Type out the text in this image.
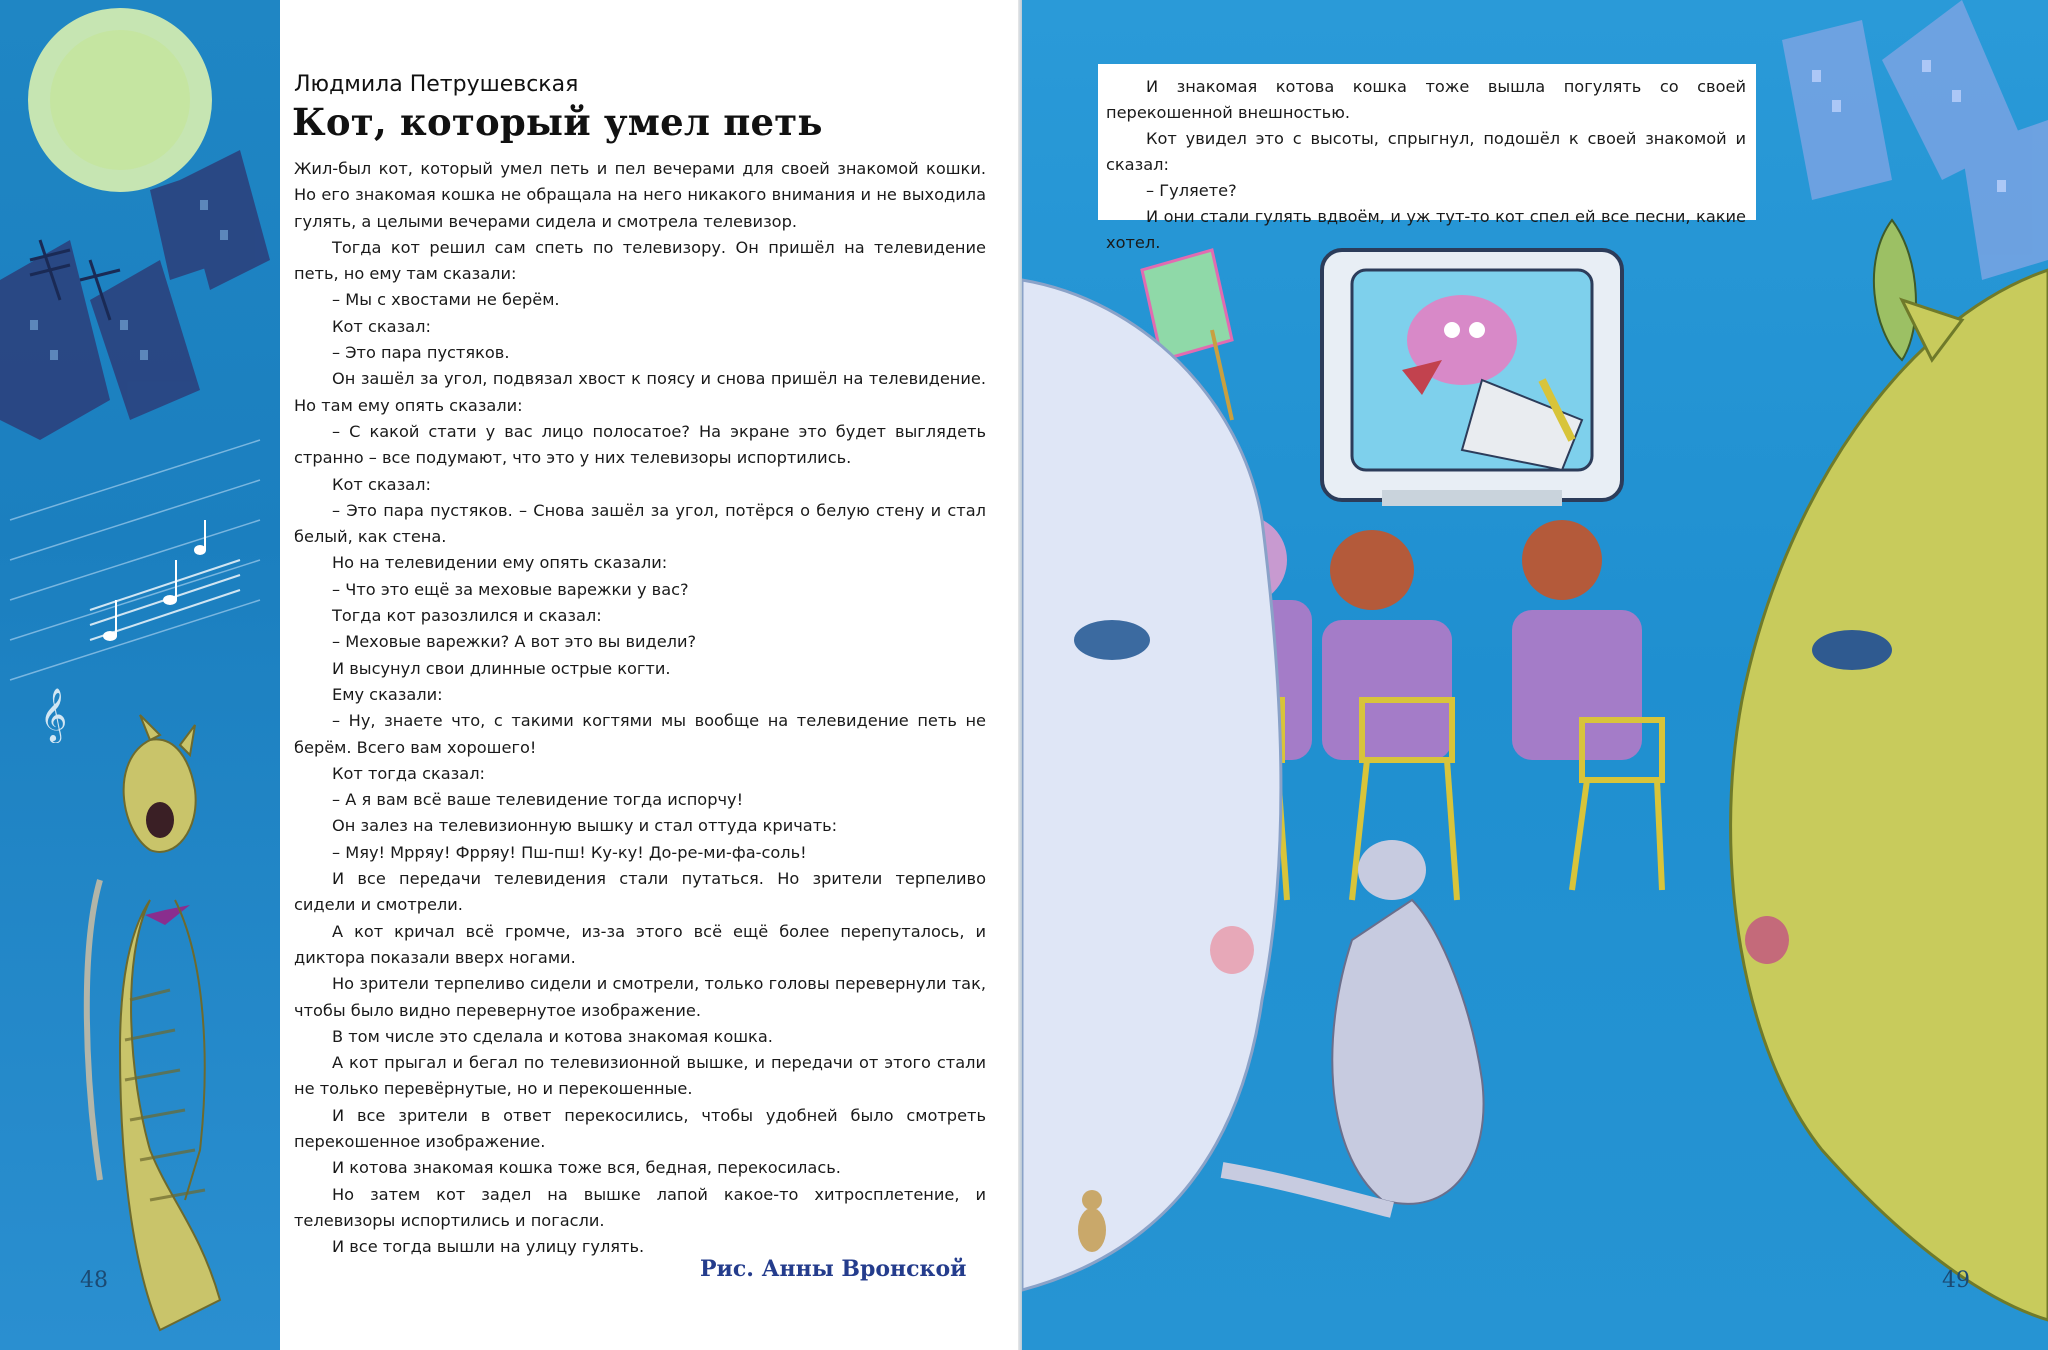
𝄞
48
Людмила Петрушевская
Кот, который умел петь

Жил-был кот, который умел петь и пел вечерами для своей знакомой кошки. Но его знакомая кошка не обращала на него никакого внимания и не выходила гулять, а целыми вечерами сидела и смотрела телевизор.

Тогда кот решил сам спеть по телевизору. Он пришёл на телевидение петь, но ему там сказали:

– Мы с хвостами не берём.

Кот сказал:

– Это пара пустяков.

Он зашёл за угол, подвязал хвост к поясу и снова пришёл на телевидение. Но там ему опять сказали:

– С какой стати у вас лицо полосатое? На экране это будет выглядеть странно – все подумают, что это у них телевизоры испортились.

Кот сказал:

– Это пара пустяков. – Снова зашёл за угол, потёрся о белую стену и стал белый, как стена.

Но на телевидении ему опять сказали:

– Что это ещё за меховые варежки у вас?

Тогда кот разозлился и сказал:

– Меховые варежки? А вот это вы видели?

И высунул свои длинные острые когти.

Ему сказали:

– Ну, знаете что, с такими когтями мы вообще на телевидение петь не берём. Всего вам хорошего!

Кот тогда сказал:

– А я вам всё ваше телевидение тогда испорчу!

Он залез на телевизионную вышку и стал оттуда кричать:

– Мяу! Мрряу! Фрряу! Пш-пш! Ку-ку! До-ре-ми-фа-соль!

И все передачи телевидения стали путаться. Но зрители терпеливо сидели и смотрели.

А кот кричал всё громче, из-за этого всё ещё более перепуталось, и диктора показали вверх ногами.

Но зрители терпеливо сидели и смотрели, только головы перевернули так, чтобы было видно перевернутое изображение.

В том числе это сделала и котова знакомая кошка.

А кот прыгал и бегал по телевизионной вышке, и передачи от этого стали не только перевёрнутые, но и перекошенные.

И все зрители в ответ перекосились, чтобы удобней было смотреть перекошенное изображение.

И котова знакомая кошка тоже вся, бедная, перекосилась.

Но затем кот задел на вышке лапой какое-то хитросплетение, и телевизоры испортились и погасли.

И все тогда вышли на улицу гулять.

Рис. Анны Вронской	49

И знакомая котова кошка тоже вышла погулять со своей перекошенной внешностью.

Кот увидел это с высоты, спрыгнул, подошёл к своей знакомой и сказал:

– Гуляете?

И они стали гулять вдвоём, и уж тут-то кот спел ей все песни, какие хотел.
